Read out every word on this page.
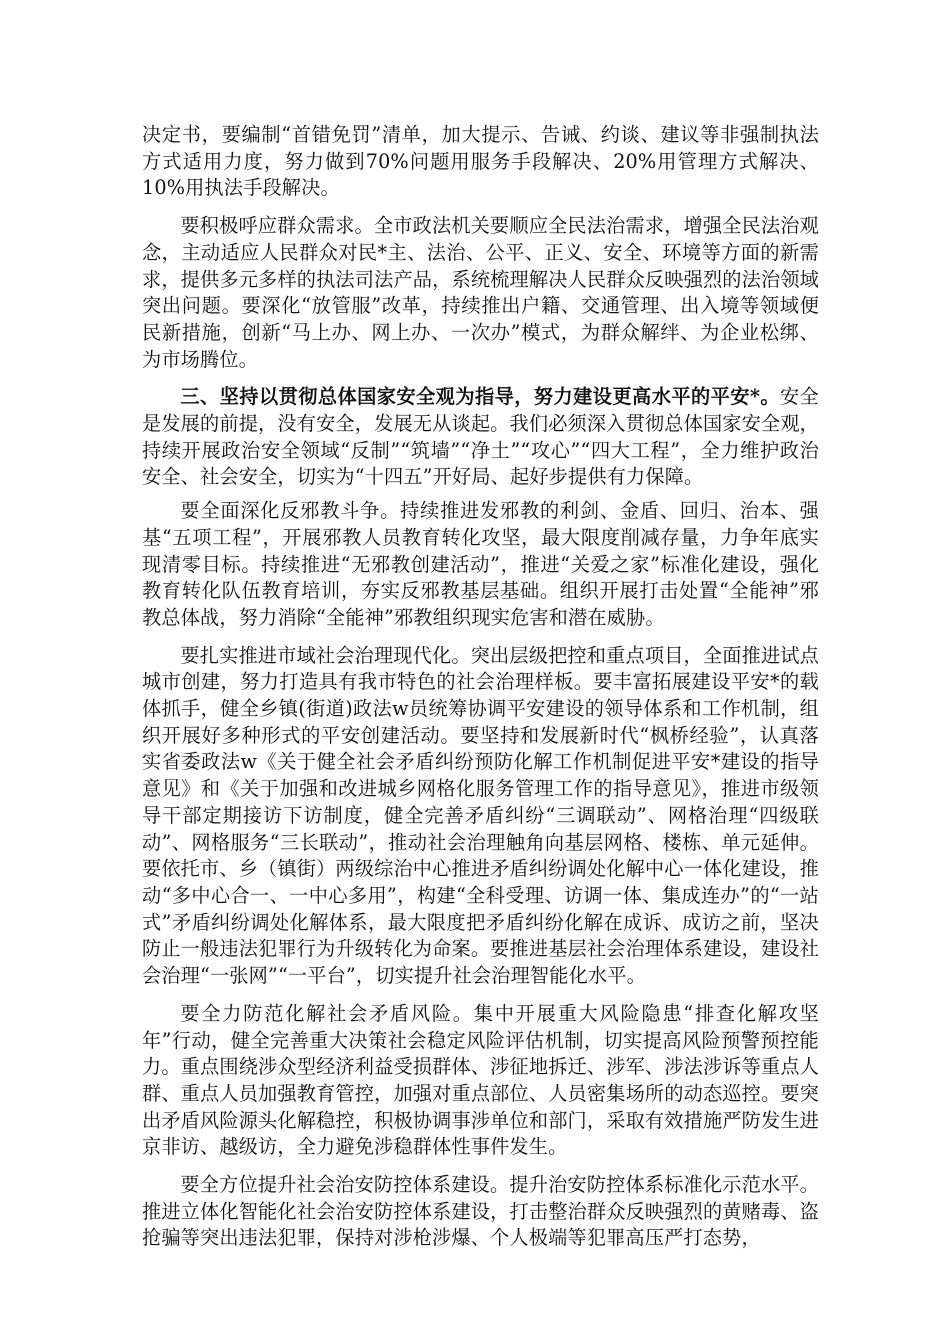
决定书，要编制“首错免罚”清单，加大提示、告诫、约谈、建议等非强制执法方式适用力度，努力做到70%问题用服务手段解决、20%用管理方式解决、10%用执法手段解决。

要积极呼应群众需求。全市政法机关要顺应全民法治需求，增强全民法治观念，主动适应人民群众对民*主、法治、公平、正义、安全、环境等方面的新需求，提供多元多样的执法司法产品，系统梳理解决人民群众反映强烈的法治领域突出问题。要深化“放管服”改革，持续推出户籍、交通管理、出入境等领域便民新措施，创新“马上办、网上办、一次办”模式，为群众解绊、为企业松绑、为市场腾位。

三、坚持以贯彻总体国家安全观为指导，努力建设更高水平的平安*。安全是发展的前提，没有安全，发展无从谈起。我们必须深入贯彻总体国家安全观，持续开展政治安全领域“反制”“筑墙”“净土”“攻心”“四大工程”，全力维护政治安全、社会安全，切实为“十四五”开好局、起好步提供有力保障。

要全面深化反邪教斗争。持续推进发邪教的利剑、金盾、回归、治本、强基“五项工程”，开展邪教人员教育转化攻坚，最大限度削减存量，力争年底实现清零目标。持续推进“无邪教创建活动”，推进“关爱之家”标准化建设，强化教育转化队伍教育培训，夯实反邪教基层基础。组织开展打击处置“全能神”邪教总体战，努力消除“全能神”邪教组织现实危害和潜在威胁。

要扎实推进市域社会治理现代化。突出层级把控和重点项目，全面推进试点城市创建，努力打造具有我市特色的社会治理样板。要丰富拓展建设平安*的载体抓手，健全乡镇(街道)政法w员统筹协调平安建设的领导体系和工作机制，组织开展好多种形式的平安创建活动。要坚持和发展新时代“枫桥经验”，认真落实省委政法w《关于健全社会矛盾纠纷预防化解工作机制促进平安*建设的指导意见》和《关于加强和改进城乡网格化服务管理工作的指导意见》，推进市级领导干部定期接访下访制度，健全完善矛盾纠纷“三调联动”、网格治理“四级联动”、网格服务“三长联动”，推动社会治理触角向基层网格、楼栋、单元延伸。要依托市、乡（镇街）两级综治中心推进矛盾纠纷调处化解中心一体化建设，推动“多中心合一、一中心多用”，构建“全科受理、访调一体、集成连办”的“一站式”矛盾纠纷调处化解体系，最大限度把矛盾纠纷化解在成诉、成访之前，坚决防止一般违法犯罪行为升级转化为命案。要推进基层社会治理体系建设，建设社会治理“一张网”“一平台”，切实提升社会治理智能化水平。

要全力防范化解社会矛盾风险。集中开展重大风险隐患“排查化解攻坚年”行动，健全完善重大决策社会稳定风险评估机制，切实提高风险预警预控能力。重点围绕涉众型经济利益受损群体、涉征地拆迁、涉军、涉法涉诉等重点人群、重点人员加强教育管控，加强对重点部位、人员密集场所的动态巡控。要突出矛盾风险源头化解稳控，积极协调事涉单位和部门，采取有效措施严防发生进京非访、越级访，全力避免涉稳群体性事件发生。

要全方位提升社会治安防控体系建设。提升治安防控体系标准化示范水平。推进立体化智能化社会治安防控体系建设，打击整治群众反映强烈的黄赌毒、盗抢骗等突出违法犯罪，保持对涉枪涉爆、个人极端等犯罪高压严打态势，
